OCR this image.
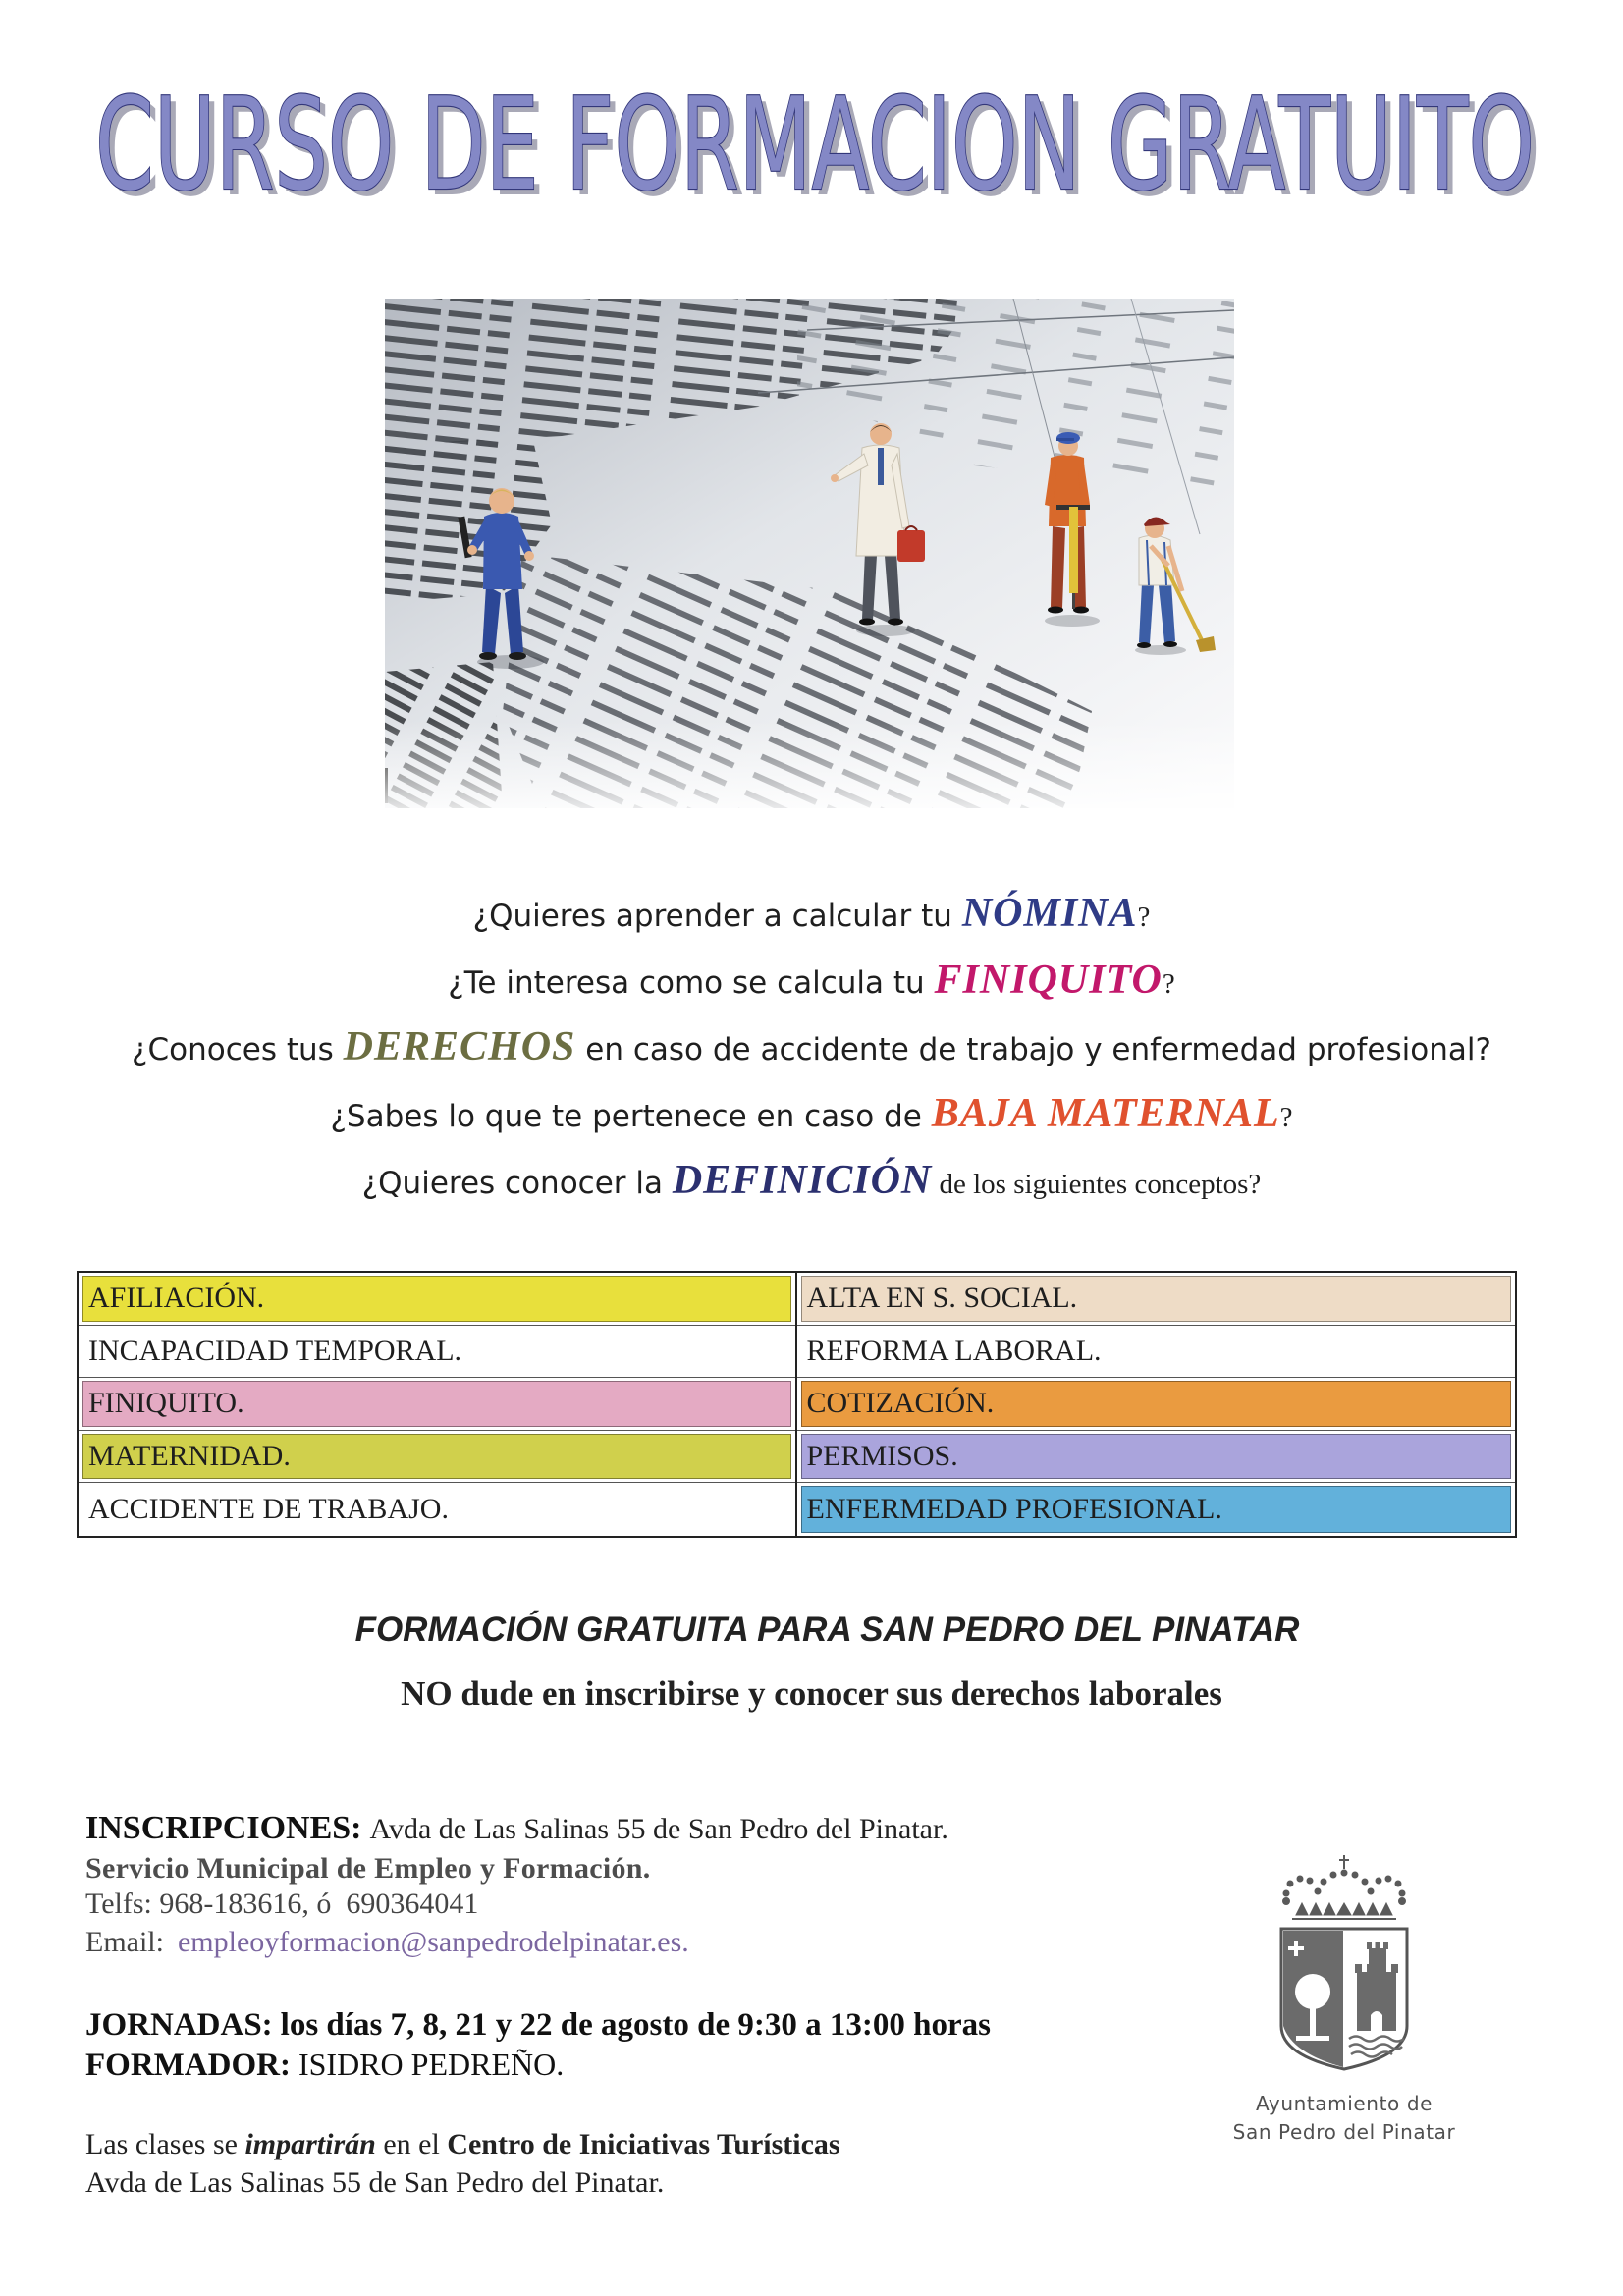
CURSO DE FORMACION GRATUITO
CURSO DE FORMACION GRATUITO

¿Quieres aprender a calcular tu NÓMINA?

¿Te interesa como se calcula tu FINIQUITO?

¿Conoces tus DERECHOS en caso de accidente de trabajo y enfermedad profesional?

¿Sabes lo que te pertenece en caso de BAJA MATERNAL?

¿Quieres conocer la DEFINICIÓN de los siguientes conceptos?

AFILIACIÓN.
INCAPACIDAD TEMPORAL.
FINIQUITO.
MATERNIDAD.
ACCIDENTE DE TRABAJO.
ALTA EN S. SOCIAL.
REFORMA LABORAL.
COTIZACIÓN.
PERMISOS.
ENFERMEDAD PROFESIONAL.
FORMACIÓN GRATUITA PARA SAN PEDRO DEL PINATAR
NO dude en inscribirse y conocer sus derechos laborales
INSCRIPCIONES: Avda de Las Salinas 55 de San Pedro del Pinatar.
Servicio Municipal de Empleo y Formación.
Telfs: 968-183616, ó  690364041
Email: empleoyformacion@sanpedrodelpinatar.es.
JORNADAS: los días 7, 8, 21 y 22 de agosto de 9:30 a 13:00 horas
FORMADOR: ISIDRO PEDREÑO.
Las clases se impartirán en el Centro de Iniciativas Turísticas
Avda de Las Salinas 55 de San Pedro del Pinatar.
Ayuntamiento de
San Pedro del Pinatar
